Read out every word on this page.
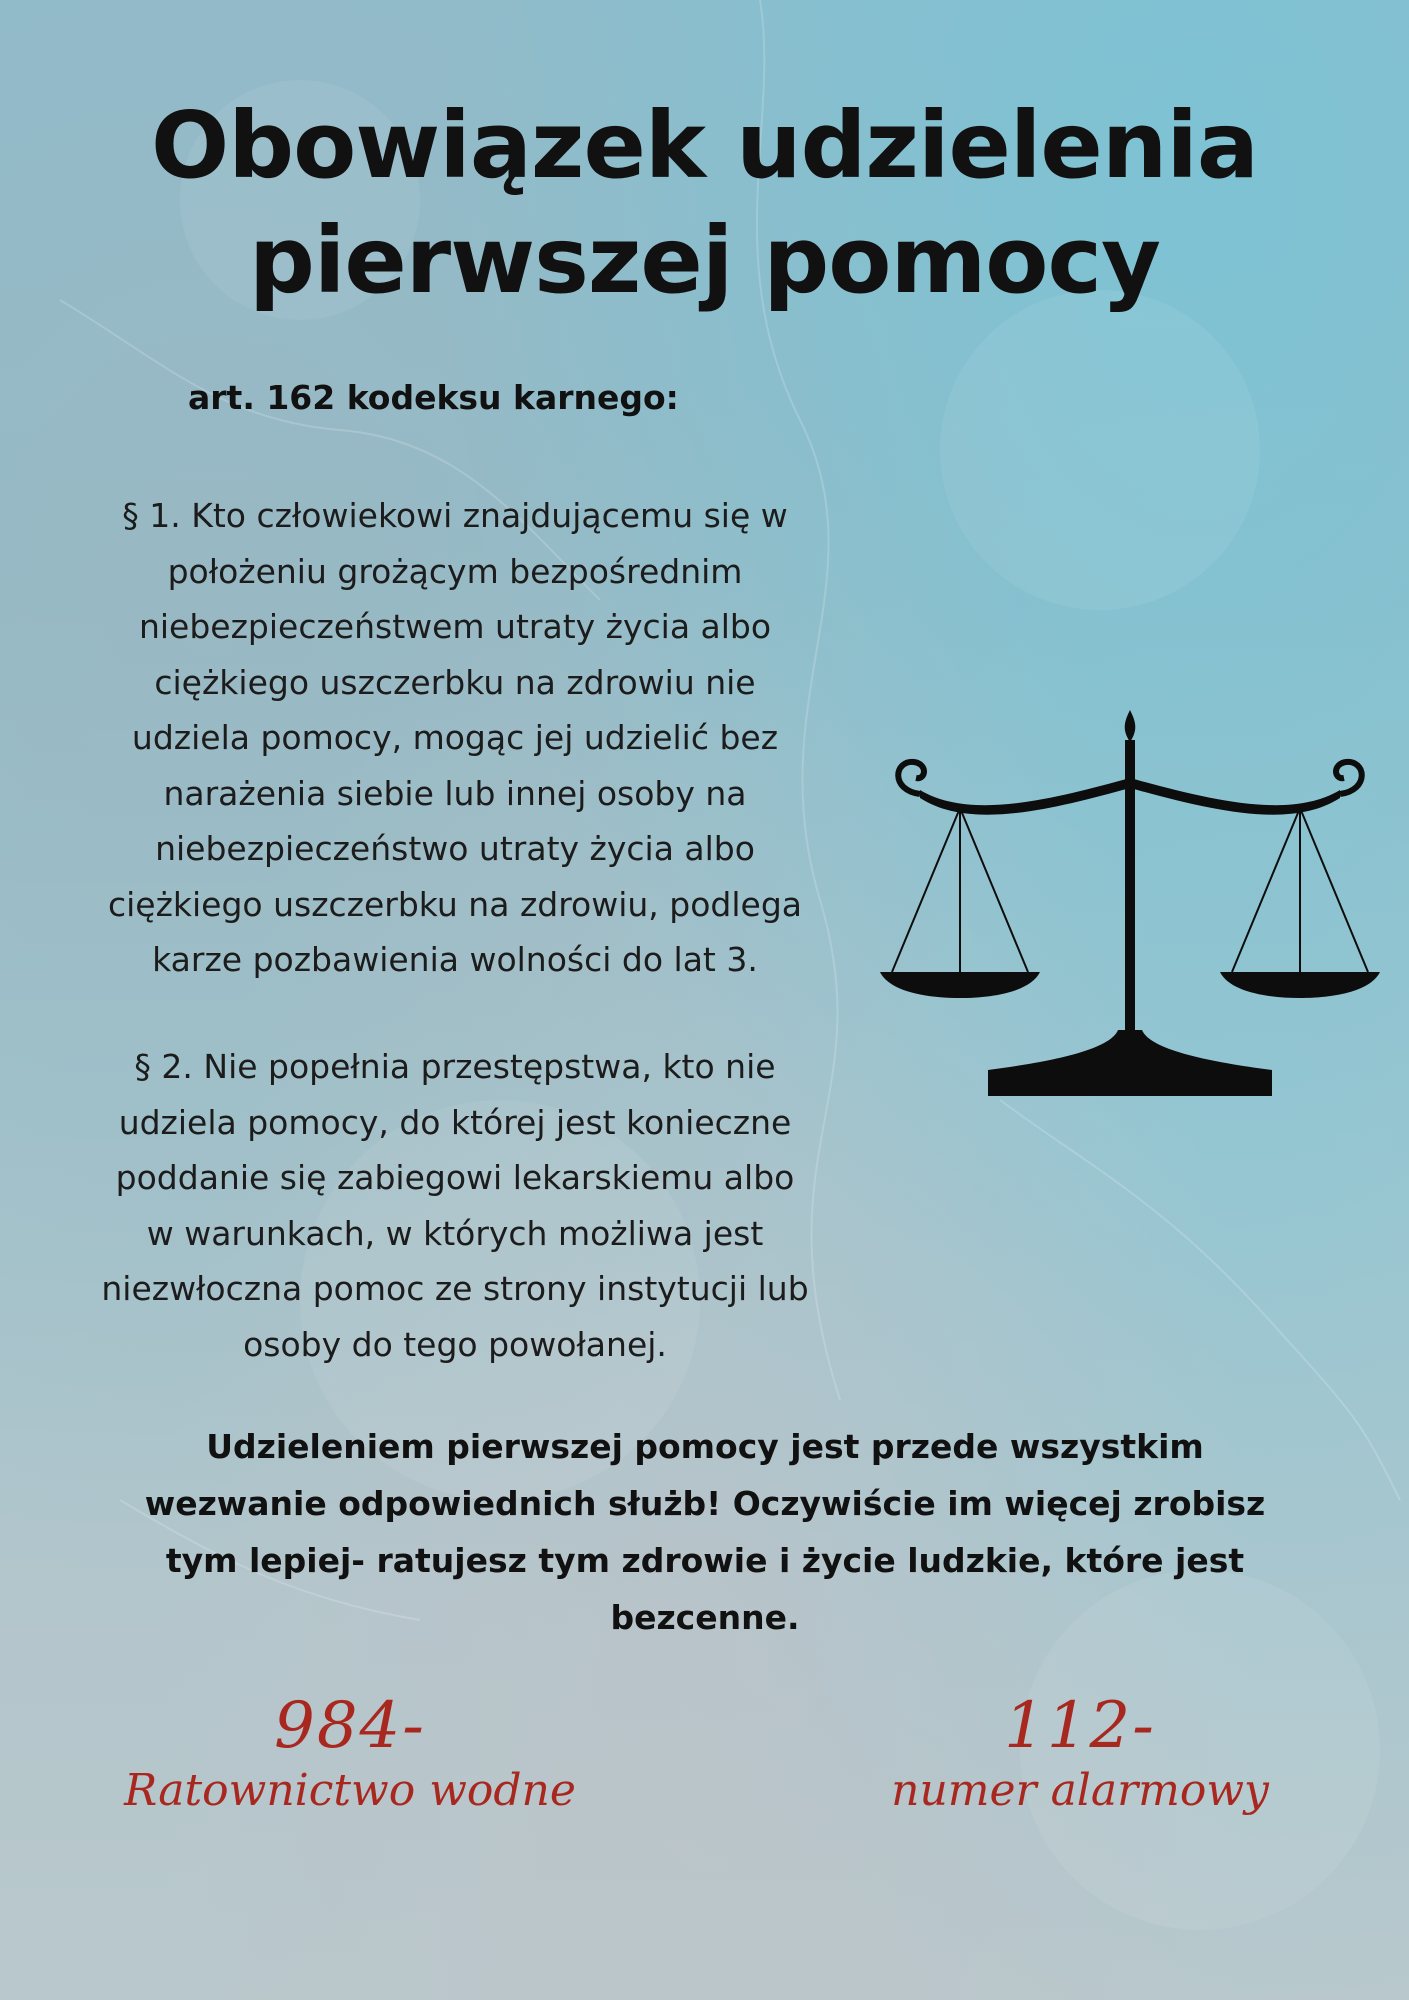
Obowiązek udzielenia
pierwszej pomocy

art. 162 kodeksu karnego:

§ 1. Kto człowiekowi znajdującemu się w
położeniu grożącym bezpośrednim
niebezpieczeństwem utraty życia albo
ciężkiego uszczerbku na zdrowiu nie
udziela pomocy, mogąc jej udzielić bez
narażenia siebie lub innej osoby na
niebezpieczeństwo utraty życia albo
ciężkiego uszczerbku na zdrowiu, podlega
karze pozbawienia wolności do lat 3.

§ 2. Nie popełnia przestępstwa, kto nie
udziela pomocy, do której jest konieczne
poddanie się zabiegowi lekarskiemu albo
w warunkach, w których możliwa jest
niezwłoczna pomoc ze strony instytucji lub
osoby do tego powołanej.

Udzieleniem pierwszej pomocy jest przede wszystkim
wezwanie odpowiednich służb! Oczywiście im więcej zrobisz
tym lepiej- ratujesz tym zdrowie i życie ludzkie, które jest
bezcenne.

984-
Ratownictwo wodne
112-
numer alarmowy
